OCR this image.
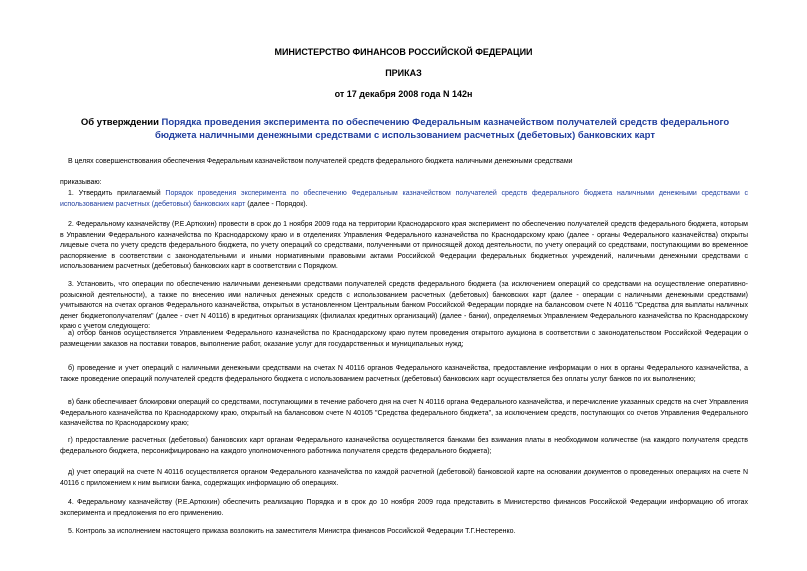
МИНИСТЕРСТВО ФИНАНСОВ РОССИЙСКОЙ ФЕДЕРАЦИИ
ПРИКАЗ
от 17 декабря 2008 года N 142н
Об утверждении Порядка проведения эксперимента по обеспечению Федеральным казначейством получателей средств федерального бюджета наличными денежными средствами с использованием расчетных (дебетовых) банковских карт
В целях совершенствования обеспечения Федеральным казначейством получателей средств федерального бюджета наличными денежными средствами
приказываю:
1. Утвердить прилагаемый Порядок проведения эксперимента по обеспечению Федеральным казначейством получателей средств федерального бюджета наличными денежными средствами с использованием расчетных (дебетовых) банковских карт (далее - Порядок).
2. Федеральному казначейству (Р.Е.Артюхин) провести в срок до 1 ноября 2009 года на территории Краснодарского края эксперимент по обеспечению получателей средств федерального бюджета, которым в Управлении Федерального казначейства по Краснодарскому краю и в отделениях Управления Федерального казначейства по Краснодарскому краю (далее - органы Федерального казначейства) открыты лицевые счета по учету средств федерального бюджета, по учету операций со средствами, полученными от приносящей доход деятельности, по учету операций со средствами, поступающими во временное распоряжение в соответствии с законодательными и иными нормативными правовыми актами Российской Федерации федеральных бюджетных учреждений, наличными денежными средствами с использованием расчетных (дебетовых) банковских карт в соответствии с Порядком.
3. Установить, что операции по обеспечению наличными денежными средствами получателей средств федерального бюджета (за исключением операций со средствами на осуществление оперативно-розыскной деятельности), а также по внесению ими наличных денежных средств с использованием расчетных (дебетовых) банковских карт (далее - операции с наличными денежными средствами) учитываются на счетах органов Федерального казначейства, открытых в установленном Центральным банком Российской Федерации порядке на балансовом счете N 40116 "Средства для выплаты наличных денег бюджетополучателям" (далее - счет N 40116) в кредитных организациях (филиалах кредитных организаций) (далее - банки), определяемых Управлением Федерального казначейства по Краснодарскому краю с учетом следующего:
а) отбор банков осуществляется Управлением Федерального казначейства по Краснодарскому краю путем проведения открытого аукциона в соответствии с законодательством Российской Федерации о размещении заказов на поставки товаров, выполнение работ, оказание услуг для государственных и муниципальных нужд;
б) проведение и учет операций с наличными денежными средствами на счетах N 40116 органов Федерального казначейства, предоставление информации о них в органы Федерального казначейства, а также проведение операций получателей средств федерального бюджета с использованием расчетных (дебетовых) банковских карт осуществляется без оплаты услуг банков по их выполнению;
в) банк обеспечивает блокировки операций со средствами, поступающими в течение рабочего дня на счет N 40116 органа Федерального казначейства, и перечисление указанных средств на счет Управления Федерального казначейства по Краснодарскому краю, открытый на балансовом счете N 40105 "Средства федерального бюджета", за исключением средств, поступающих со счетов Управления Федерального казначейства по Краснодарскому краю;
г) предоставление расчетных (дебетовых) банковских карт органам Федерального казначейства осуществляется банками без взимания платы в необходимом количестве (на каждого получателя средств федерального бюджета, персонифицировано на каждого уполномоченного работника получателя средств федерального бюджета);
д) учет операций на счете N 40116 осуществляется органом Федерального казначейства по каждой расчетной (дебетовой) банковской карте на основании документов о проведенных операциях на счете N 40116 с приложением к ним выписки банка, содержащих информацию об операциях.
4. Федеральному казначейству (Р.Е.Артюхин) обеспечить реализацию Порядка и в срок до 10 ноября 2009 года представить в Министерство финансов Российской Федерации информацию об итогах эксперимента и предложения по его применению.
5. Контроль за исполнением настоящего приказа возложить на заместителя Министра финансов Российской Федерации Т.Г.Нестеренко.
